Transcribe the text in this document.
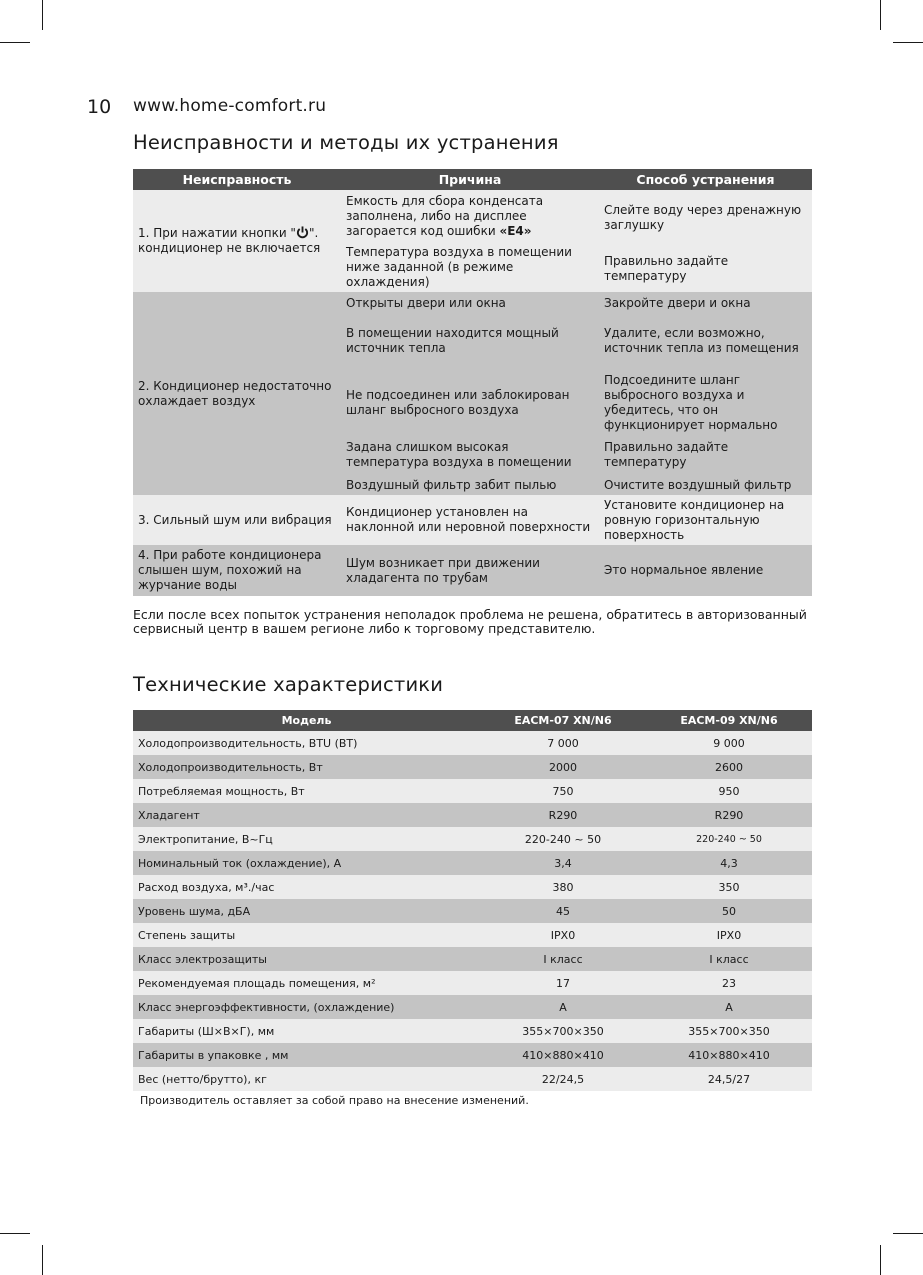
10 www.home-comfort.ru
Неисправности и методы их устранения
Неисправность	Причина	Способ устранения
1. При нажатии кнопки " ".
кондиционер не включается	Емкость для сбора конденсата заполнена, либо на дисплее загорается код ошибки «E4»	Слейте воду через дренажную заглушку
	Температура воздуха в помещении ниже заданной (в режиме охлаждения)	Правильно задайте температуру
2. Кондиционер недостаточно охлаждает воздух	Открыты двери или окна	Закройте двери и окна
	В помещении находится мощный источник тепла	Удалите, если возможно, источник тепла из помещения
	Не подсоединен или заблокирован шланг выбросного воздуха	Подсоедините шланг выбросного воздуха и убедитесь, что он функционирует нормально
	Задана слишком высокая температура воздуха в помещении	Правильно задайте температуру
	Воздушный фильтр забит пылью	Очистите воздушный фильтр
3. Сильный шум или вибрация	Кондиционер установлен на наклонной или неровной поверхности	Установите кондиционер на ровную горизонтальную поверхность
4. При работе кондиционера слышен шум, похожий на журчание воды	Шум возникает при движении хладагента по трубам	Это нормальное явление
Если после всех попыток устранения неполадок проблема не решена, обратитесь в авторизованный сервисный центр в вашем регионе либо к торговому представителю.
Технические характеристики
Модель	EACM-07 XN/N6	EACM-09 XN/N6
Холодопроизводительность, BTU (BT)	7 000	9 000
Холодопроизводительность, Вт	2000	2600
Потребляемая мощность, Вт	750	950
Хладагент	R290	R290
Электропитание, В~Гц	220-240 ~ 50	220-240 ~ 50
Номинальный ток (охлаждение), А	3,4	4,3
Расход воздуха, м³./час	380	350
Уровень шума, дБА	45	50
Степень защиты	IPX0	IPX0
Класс электрозащиты	I класс	I класс
Рекомендуемая площадь помещения, м²	17	23
Класс энергоэффективности, (охлаждение)	A	A
Габариты (Ш×В×Г), мм	355×700×350	355×700×350
Габариты в упаковке , мм	410×880×410	410×880×410
Вес (нетто/брутто), кг	22/24,5	24,5/27
Производитель оставляет за собой право на внесение изменений.
